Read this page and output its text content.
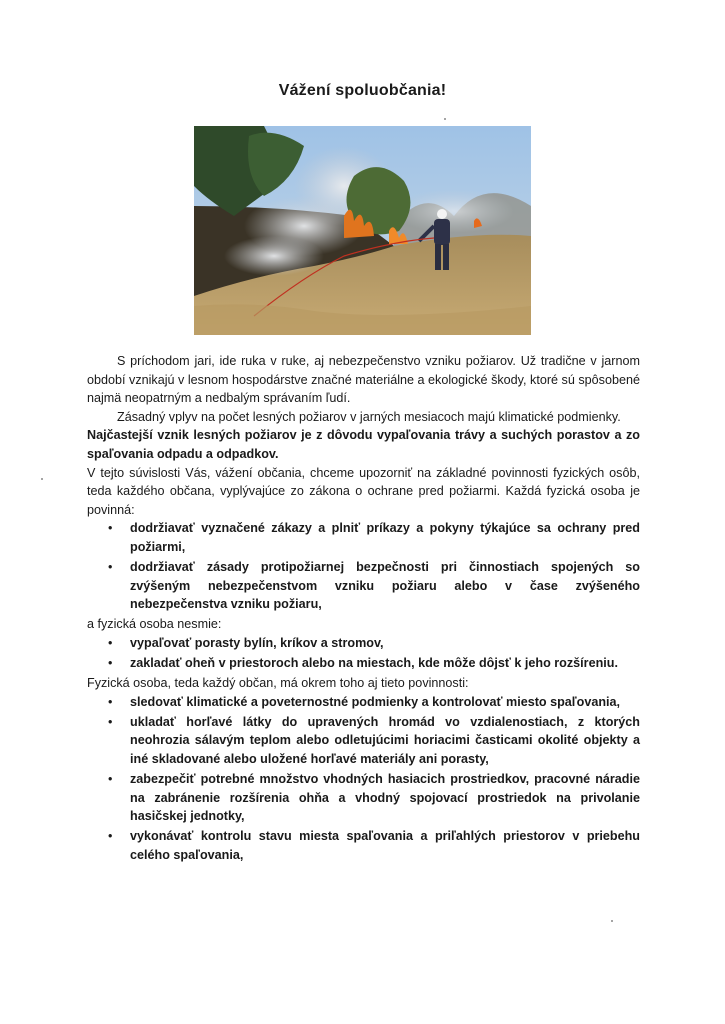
Vážení spoluobčania!

S príchodom jari, ide ruka v ruke, aj nebezpečenstvo vzniku požiarov. Už tradične v jarnom období vznikajú v lesnom hospodárstve značné materiálne a ekologické škody, ktoré sú spôsobené najmä neopatrným a nedbalým správaním ľudí.

Zásadný vplyv na počet lesných požiarov v jarných mesiacoch majú klimatické podmienky.

Najčastejší vznik lesných požiarov je z dôvodu vypaľovania trávy a suchých porastov a zo spaľovania odpadu a odpadkov.

V tejto súvislosti Vás, vážení občania, chceme upozorniť na základné povinnosti fyzických osôb, teda každého občana, vyplývajúce zo zákona o ochrane pred požiarmi. Každá fyzická osoba je povinná:

• dodržiavať vyznačené zákazy a plniť príkazy a pokyny týkajúce sa ochrany pred požiarmi,
• dodržiavať zásady protipožiarnej bezpečnosti pri činnostiach spojených so zvýšeným nebezpečenstvom vzniku požiaru alebo v čase zvýšeného nebezpečenstva vzniku požiaru,

a fyzická osoba nesmie:

• vypaľovať porasty bylín, kríkov a stromov,
• zakladať oheň v priestoroch alebo na miestach, kde môže dôjsť k jeho rozšíreniu.

Fyzická osoba, teda každý občan, má okrem toho aj tieto povinnosti:

• sledovať klimatické a poveternostné podmienky a kontrolovať miesto spaľovania,
• ukladať horľavé látky do upravených hromád vo vzdialenostiach, z ktorých neohrozia sálavým teplom alebo odletujúcimi horiacimi časticami okolité objekty a iné skladované alebo uložené horľavé materiály ani porasty,
• zabezpečiť potrebné množstvo vhodných hasiacich prostriedkov, pracovné náradie na zabránenie rozšírenia ohňa a vhodný spojovací prostriedok na privolanie hasičskej jednotky,
• vykonávať kontrolu stavu miesta spaľovania a priľahlých priestorov v priebehu celého spaľovania,
